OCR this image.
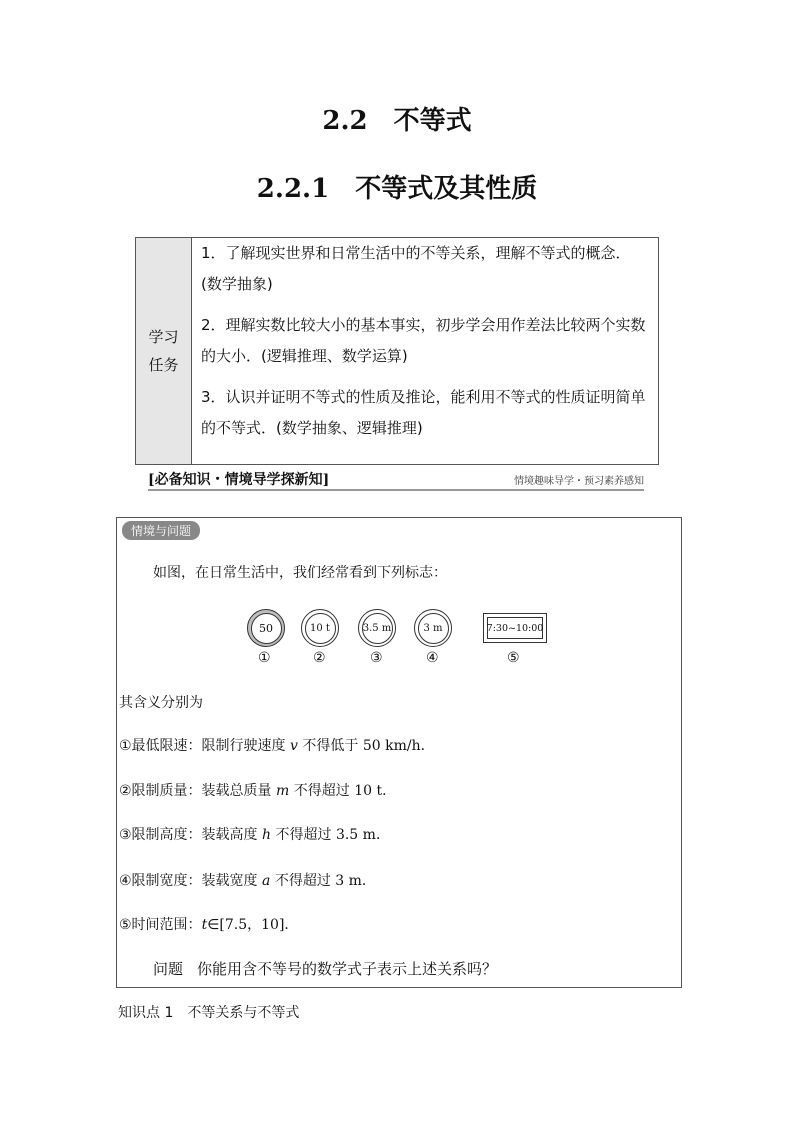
2.2 不等式
2.2.1 不等式及其性质
学习
任务
1．了解现实世界和日常生活中的不等关系，理解不等式的概念．(数学抽象)
2．理解实数比较大小的基本事实，初步学会用作差法比较两个实数的大小．(逻辑推理、数学运算)
3．认识并证明不等式的性质及推论，能利用不等式的性质证明简单的不等式．(数学抽象、逻辑推理)
[必备知识・情境导学探新知]	情境趣味导学・预习素养感知
情境与问题
如图，在日常生活中，我们经常看到下列标志：
50	10 t	3.5 m	3 m	7:30~10:00
①	②	③	④	⑤
其含义分别为
①最低限速：限制行驶速度 v 不得低于 50 km/h．
②限制质量：装载总质量 m 不得超过 10 t．
③限制高度：装载高度 h 不得超过 3.5 m．
④限制宽度：装载宽度 a 不得超过 3 m．
⑤时间范围：t∈[7.5，10]．
问题 你能用含不等号的数学式子表示上述关系吗？
知识点 1 不等关系与不等式
